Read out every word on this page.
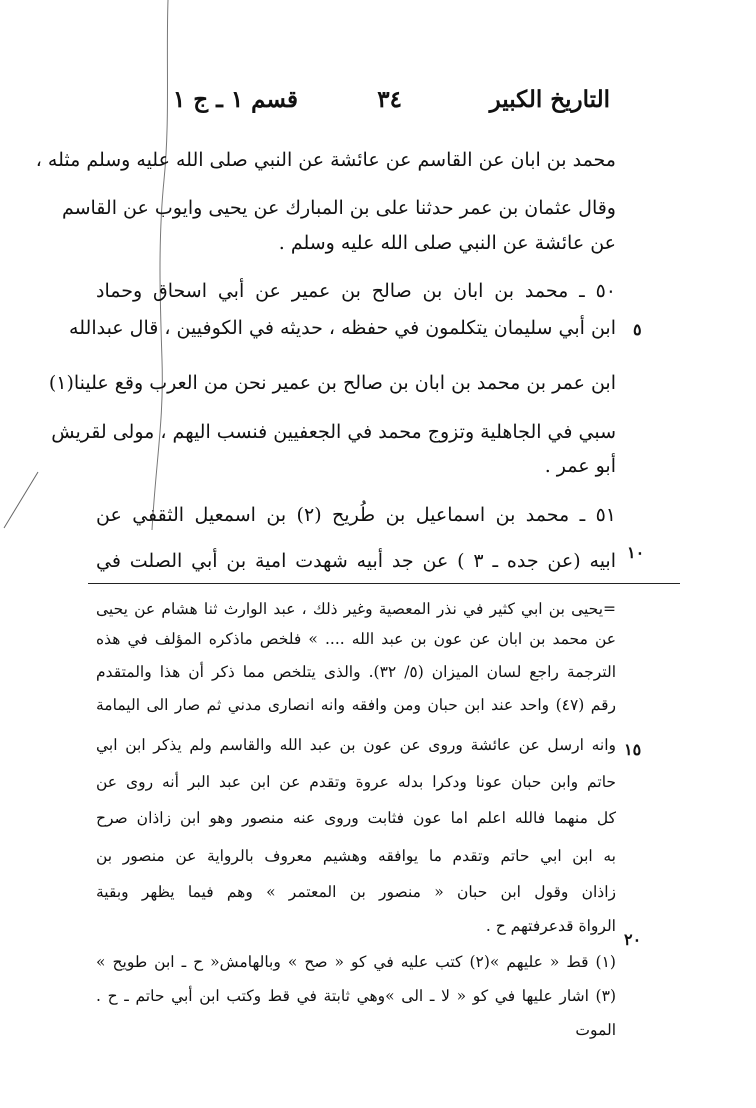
التاريخ الكبير
٣٤
قسم ١ ـ ج ١
محمد بن ابان عن القاسم عن عائشة عن النبي صلى الله عليه وسلم مثله ،
وقال عثمان بن عمر حدثنا على بن المبارك عن يحيى وايوب عن القاسم
عن عائشة عن النبي صلى الله عليه وسلم .
٥٠ ـ محمد بن ابان بن صالح بن عمير عن أبي اسحاق وحماد
ابن أبي سليمان يتكلمون في حفظه ، حديثه في الكوفيين ، قال عبدالله
ابن عمر بن محمد بن ابان بن صالح بن عمير نحن من العرب وقع علينا(١)
سبي في الجاهلية وتزوج محمد في الجعفيين فنسب اليهم ، مولى لقريش
أبو عمر .
٥١ ـ محمد بن اسماعيل بن طُريح (٢) بن اسمعيل الثقفي عن
ابيه (عن جده ـ ٣ ) عن جد أبيه شهدت امية بن أبي الصلت في
=يحيى بن ابي كثير في نذر المعصية وغير ذلك ، عبد الوارث ثنا هشام عن يحيى
عن محمد بن ابان عن عون بن عبد الله .... » فلخص ماذكره المؤلف في هذه
الترجمة راجع لسان الميزان (٥/ ٣٢). والذى يتلخص مما ذكر أن هذا والمتقدم
رقم (٤٧) واحد عند ابن حبان ومن وافقه وانه انصارى مدني ثم صار الى اليمامة
وانه ارسل عن عائشة وروى عن عون بن عبد الله والقاسم ولم يذكر ابن ابي
حاتم وابن حبان عونا ودكرا بدله عروة وتقدم عن ابن عبد البر أنه روى عن
كل منهما فالله اعلم اما عون فثابت وروى عنه منصور وهو ابن زاذان صرح
به ابن ابي حاتم وتقدم ما يوافقه وهشيم معروف بالرواية عن منصور بن
زاذان وقول ابن حبان « منصور بن المعتمر » وهم فيما يظهر وبقية
الرواة قدعرفتهم ح .
(١) قط « عليهم »(٢) كتب عليه في كو « صح » وبالهامش« ح ـ ابن طويح »
(٣) اشار عليها في كو « لا ـ الى »وهي ثابتة في قط وكتب ابن أبي حاتم ـ ح .
الموت
٥
١٠
١٥
٢٠
